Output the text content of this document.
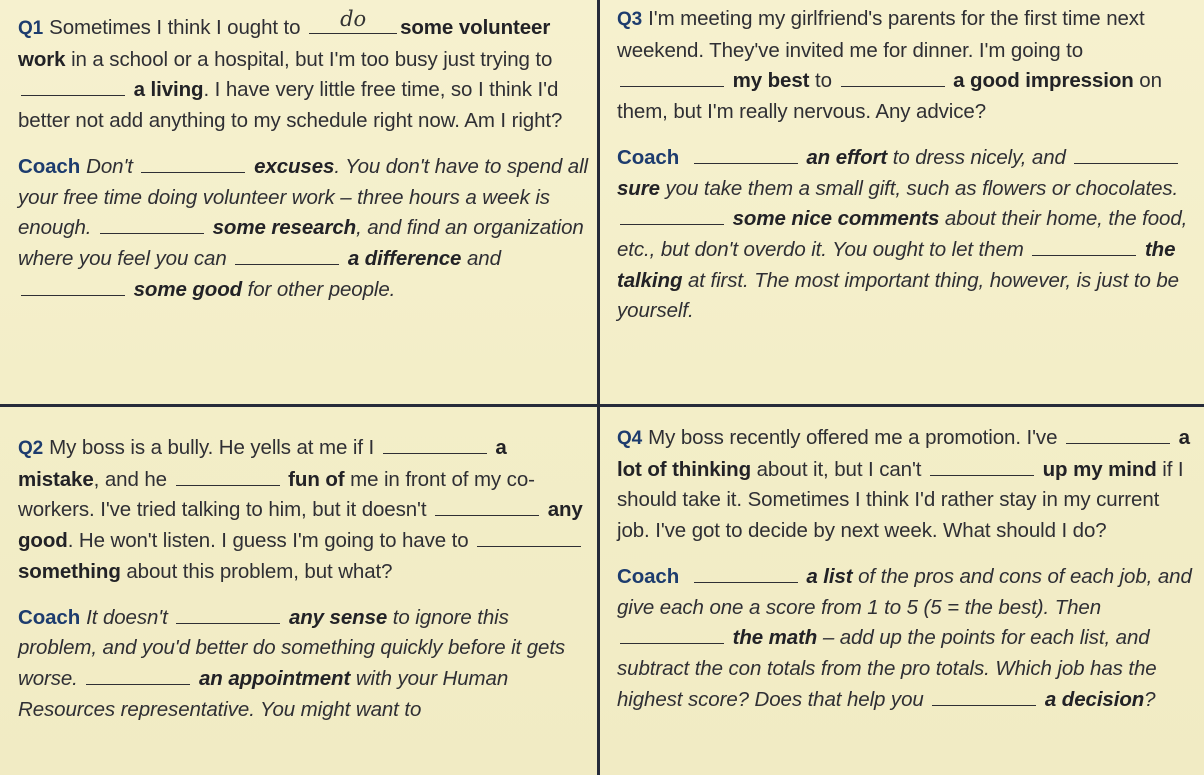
Q1 Sometimes I think I ought to	do	some volunteer work in a school or a hospital, but I'm too busy just trying to  a living. I have very little free time, so I think I'd better not add anything to my schedule right now. Am I right?

Coach Don't	excuses. You don't have to spend all your free time doing volunteer work – three hours a week is enough.	some research, and find an organization where you feel you can	a difference and  some good for other people.

Q3 I'm meeting my girlfriend's parents for the first time next weekend. They've invited me for dinner. I'm going to  my best to	a good impression on them, but I'm really nervous. Any advice?

Coach	an effort to dress nicely, and  sure you take them a small gift, such as flowers or chocolates.  some nice comments about their home, the food, etc., but don't overdo it. You ought to let them	the talking at first. The most important thing, however, is just to be yourself.

Q2 My boss is a bully. He yells at me if I	a mistake, and he	fun of me in front of my co-workers. I've tried talking to him, but it doesn't	any good. He won't listen. I guess I'm going to have to  something about this problem, but what?

Coach It doesn't	any sense to ignore this problem, and you'd better do something quickly before it gets worse.	an appointment with your Human Resources representative. You might want to

Q4 My boss recently offered me a promotion. I've	a lot of thinking about it, but I can't	up my mind if I should take it. Sometimes I think I'd rather stay in my current job. I've got to decide by next week. What should I do?

Coach	a list of the pros and cons of each job, and give each one a score from 1 to 5 (5 = the best). Then  the math – add up the points for each list, and subtract the con totals from the pro totals. Which job has the highest score? Does that help you	a decision?
